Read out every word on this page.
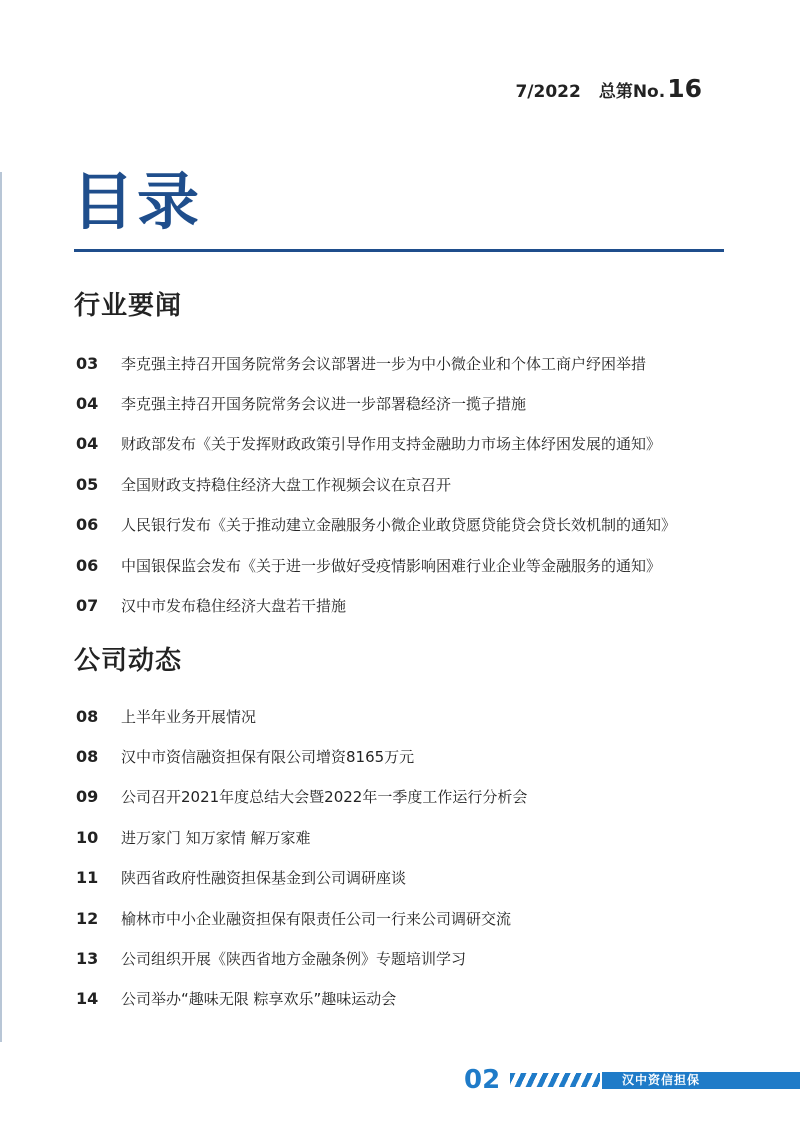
7/2022 总第No.16
目录
行业要闻
03	李克强主持召开国务院常务会议部署进一步为中小微企业和个体工商户纾困举措
04	李克强主持召开国务院常务会议进一步部署稳经济一揽子措施
04	财政部发布《关于发挥财政政策引导作用支持金融助力市场主体纾困发展的通知》
05	全国财政支持稳住经济大盘工作视频会议在京召开
06	人民银行发布《关于推动建立金融服务小微企业敢贷愿贷能贷会贷长效机制的通知》
06	中国银保监会发布《关于进一步做好受疫情影响困难行业企业等金融服务的通知》
07	汉中市发布稳住经济大盘若干措施
公司动态
08	上半年业务开展情况
08	汉中市资信融资担保有限公司增资8165万元
09	公司召开2021年度总结大会暨2022年一季度工作运行分析会
10	进万家门 知万家情 解万家难
11	陕西省政府性融资担保基金到公司调研座谈
12	榆林市中小企业融资担保有限责任公司一行来公司调研交流
13	公司组织开展《陕西省地方金融条例》专题培训学习
14	公司举办“趣味无限 粽享欢乐”趣味运动会
02	汉中资信担保
